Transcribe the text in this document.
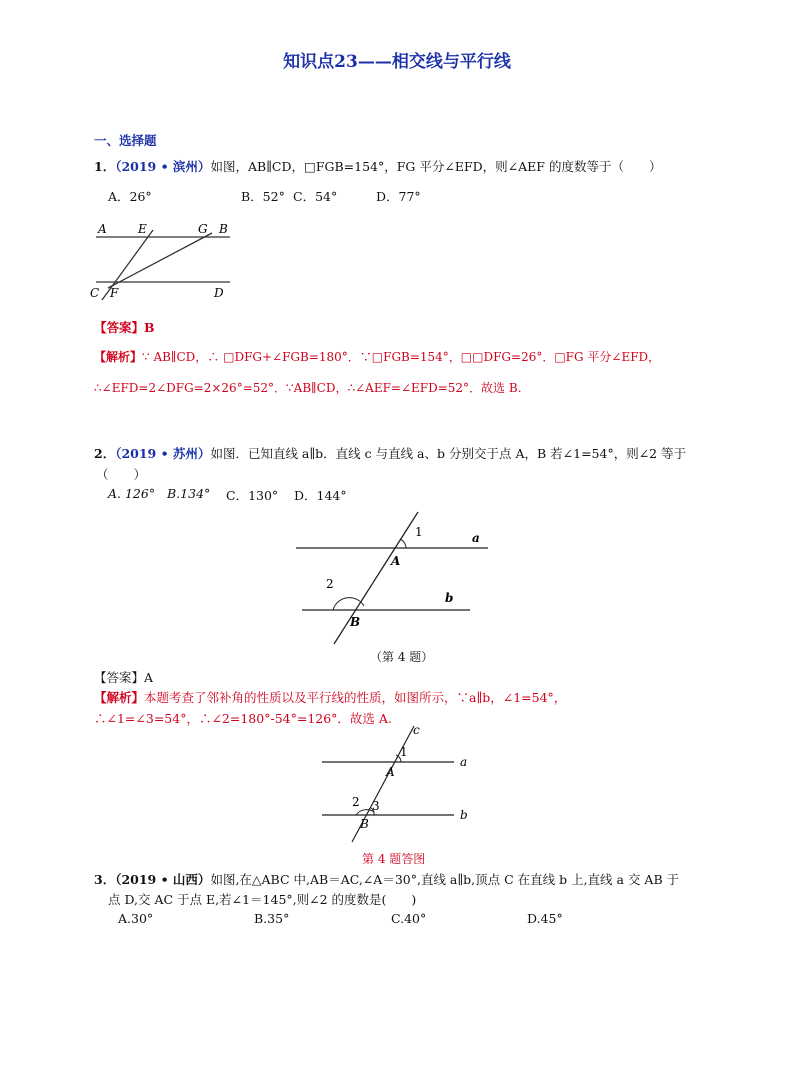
知识点23——相交线与平行线
一、选择题
1．（2019 • 滨州）如图，AB∥CD，□FGB=154°，FG 平分∠EFD，则∠AEF 的度数等于（　　）
A．26°	B．52° C．54°	D．77°
A	E	G B
C F	D
【答案】B
【解析】∵ AB∥CD，∴ □DFG+∠FGB=180°．∵□FGB=154°，□□DFG=26°．□FG 平分∠EFD，
∴∠EFD=2∠DFG=2×26°=52°．∵AB∥CD，∴∠AEF=∠EFD=52°．故选 B.
2．（2019 • 苏州）如图．已知直线 a∥b．直线 c 与直线 a、b 分别交于点 A，B 若∠1=54°，则∠2 等于
（　　）
A. 126° B.134° C．130° D．144°
1	a
A
2
b
B
（第 4 题）
【答案】A
【解析】本题考查了邻补角的性质以及平行线的性质，如图所示，∵a∥b，∠1=54°，
∴∠1=∠3=54°，∴∠2=180°-54°=126°．故选 A.
c
1
a
A
2 3
b
B
第 4 题答图
3．（2019 • 山西）如图,在△ABC 中,AB＝AC,∠A＝30°,直线 a∥b,顶点 C 在直线 b 上,直线 a 交 AB 于
点 D,交 AC 于点 E,若∠1＝145°,则∠2 的度数是(　　)
A.30°	B.35°	C.40°	D.45°
